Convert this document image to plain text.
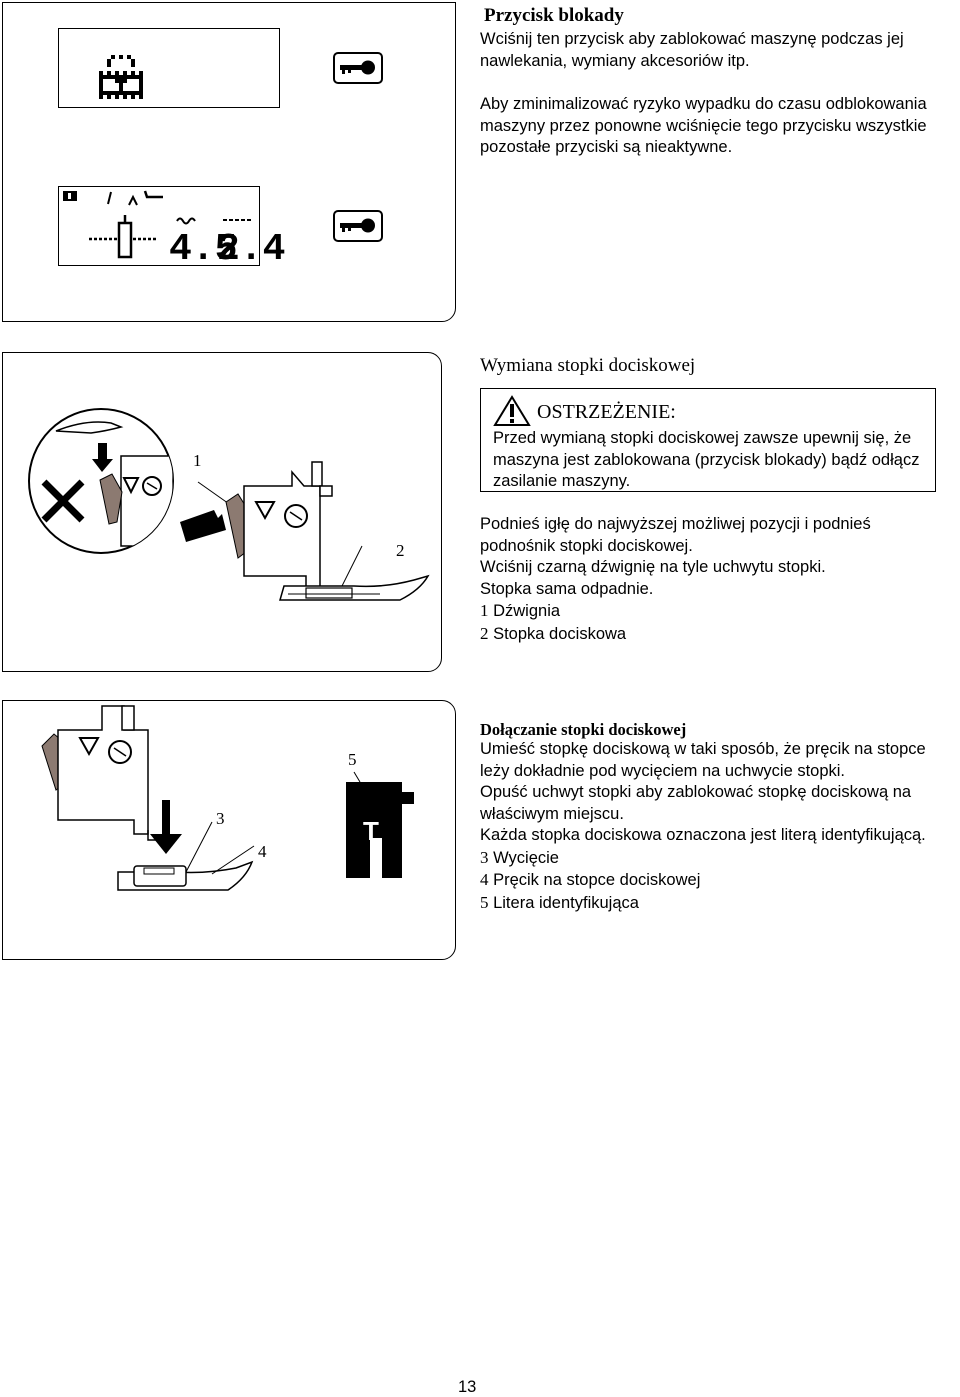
4.5
2.4
Przycisk blokady

Wciśnij ten przycisk aby zablokować maszynę podczas jej nawlekania, wymiany akcesoriów itp.

Aby zminimalizować ryzyko wypadku do czasu odblokowania maszyny przez ponowne wciśnięcie tego przycisku wszystkie pozostałe przyciski są nieaktywne.

1
2
Wymiana stopki dociskowej
OSTRZEŻENIE:
Przed wymianą stopki dociskowej zawsze upewnij się, że maszyna jest zablokowana (przycisk blokady) bądź odłącz zasilanie maszyny.

Podnieś igłę do najwyższej możliwej pozycji i podnieś podnośnik stopki dociskowej.

Wciśnij czarną dźwignię na tyle uchwytu stopki.

Stopka sama odpadnie.

1 Dźwignia

2 Stopka dociskowa

3
4
5
T
Dołączanie stopki dociskowej

Umieść stopkę dociskową w taki sposób, że pręcik na stopce leży dokładnie pod wycięciem na uchwycie stopki.

Opuść uchwyt stopki aby zablokować stopkę dociskową na właściwym miejscu.

Każda stopka dociskowa oznaczona jest literą identyfikującą.

3 Wycięcie

4 Pręcik na stopce dociskowej

5 Litera identyfikująca

13
